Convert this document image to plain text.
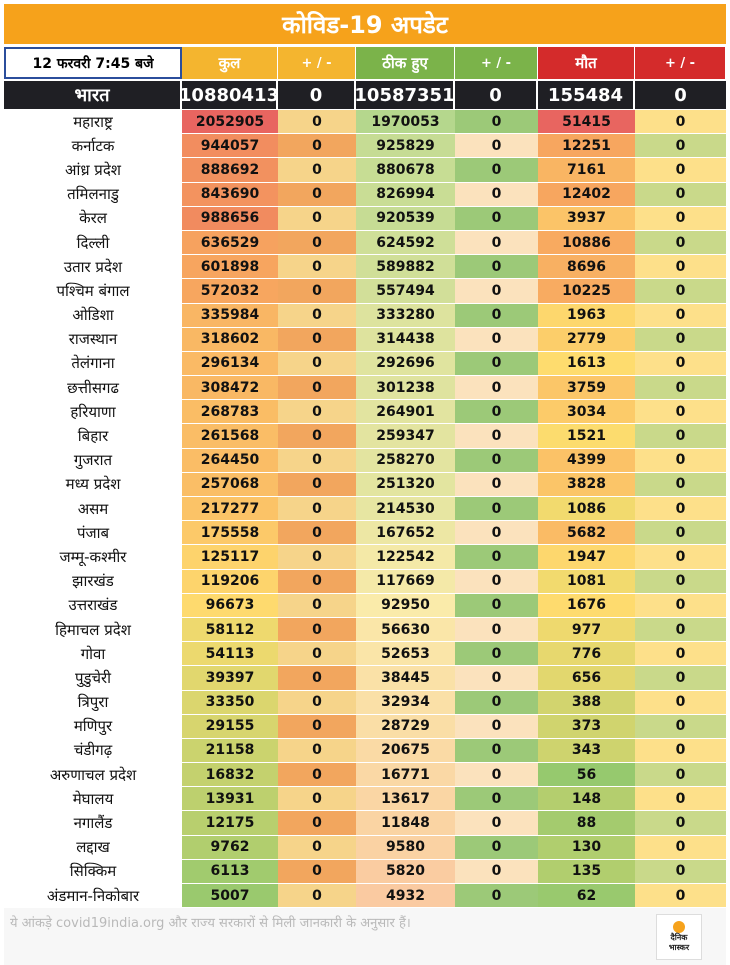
कोविड-19 अपडेट
12 फरवरी 7:45 बजे	कुल	+ / -	ठीक हुए	+ / -	मौत	+ / -
भारत	10880413	0	10587351	0	155484	0
महाराष्ट्र	2052905	0	1970053	0	51415	0
कर्नाटक	944057	0	925829	0	12251	0
आंध्र प्रदेश	888692	0	880678	0	7161	0
तमिलनाडु	843690	0	826994	0	12402	0
केरल	988656	0	920539	0	3937	0
दिल्ली	636529	0	624592	0	10886	0
उतार प्रदेश	601898	0	589882	0	8696	0
पश्चिम बंगाल	572032	0	557494	0	10225	0
ओडिशा	335984	0	333280	0	1963	0
राजस्थान	318602	0	314438	0	2779	0
तेलंगाना	296134	0	292696	0	1613	0
छत्तीसगढ	308472	0	301238	0	3759	0
हरियाणा	268783	0	264901	0	3034	0
बिहार	261568	0	259347	0	1521	0
गुजरात	264450	0	258270	0	4399	0
मध्य प्रदेश	257068	0	251320	0	3828	0
असम	217277	0	214530	0	1086	0
पंजाब	175558	0	167652	0	5682	0
जम्मू-कश्मीर	125117	0	122542	0	1947	0
झारखंड	119206	0	117669	0	1081	0
उत्तराखंड	96673	0	92950	0	1676	0
हिमाचल प्रदेश	58112	0	56630	0	977	0
गोवा	54113	0	52653	0	776	0
पुडुचेरी	39397	0	38445	0	656	0
त्रिपुरा	33350	0	32934	0	388	0
मणिपुर	29155	0	28729	0	373	0
चंडीगढ़	21158	0	20675	0	343	0
अरुणाचल प्रदेश	16832	0	16771	0	56	0
मेघालय	13931	0	13617	0	148	0
नगालैंड	12175	0	11848	0	88	0
लद्दाख	9762	0	9580	0	130	0
सिक्किम	6113	0	5820	0	135	0
अंडमान-निकोबार	5007	0	4932	0	62	0
ये आंकड़े covid19india.org और राज्य सरकारों से मिली जानकारी के अनुसार हैं।
दैनिक
भास्कर
